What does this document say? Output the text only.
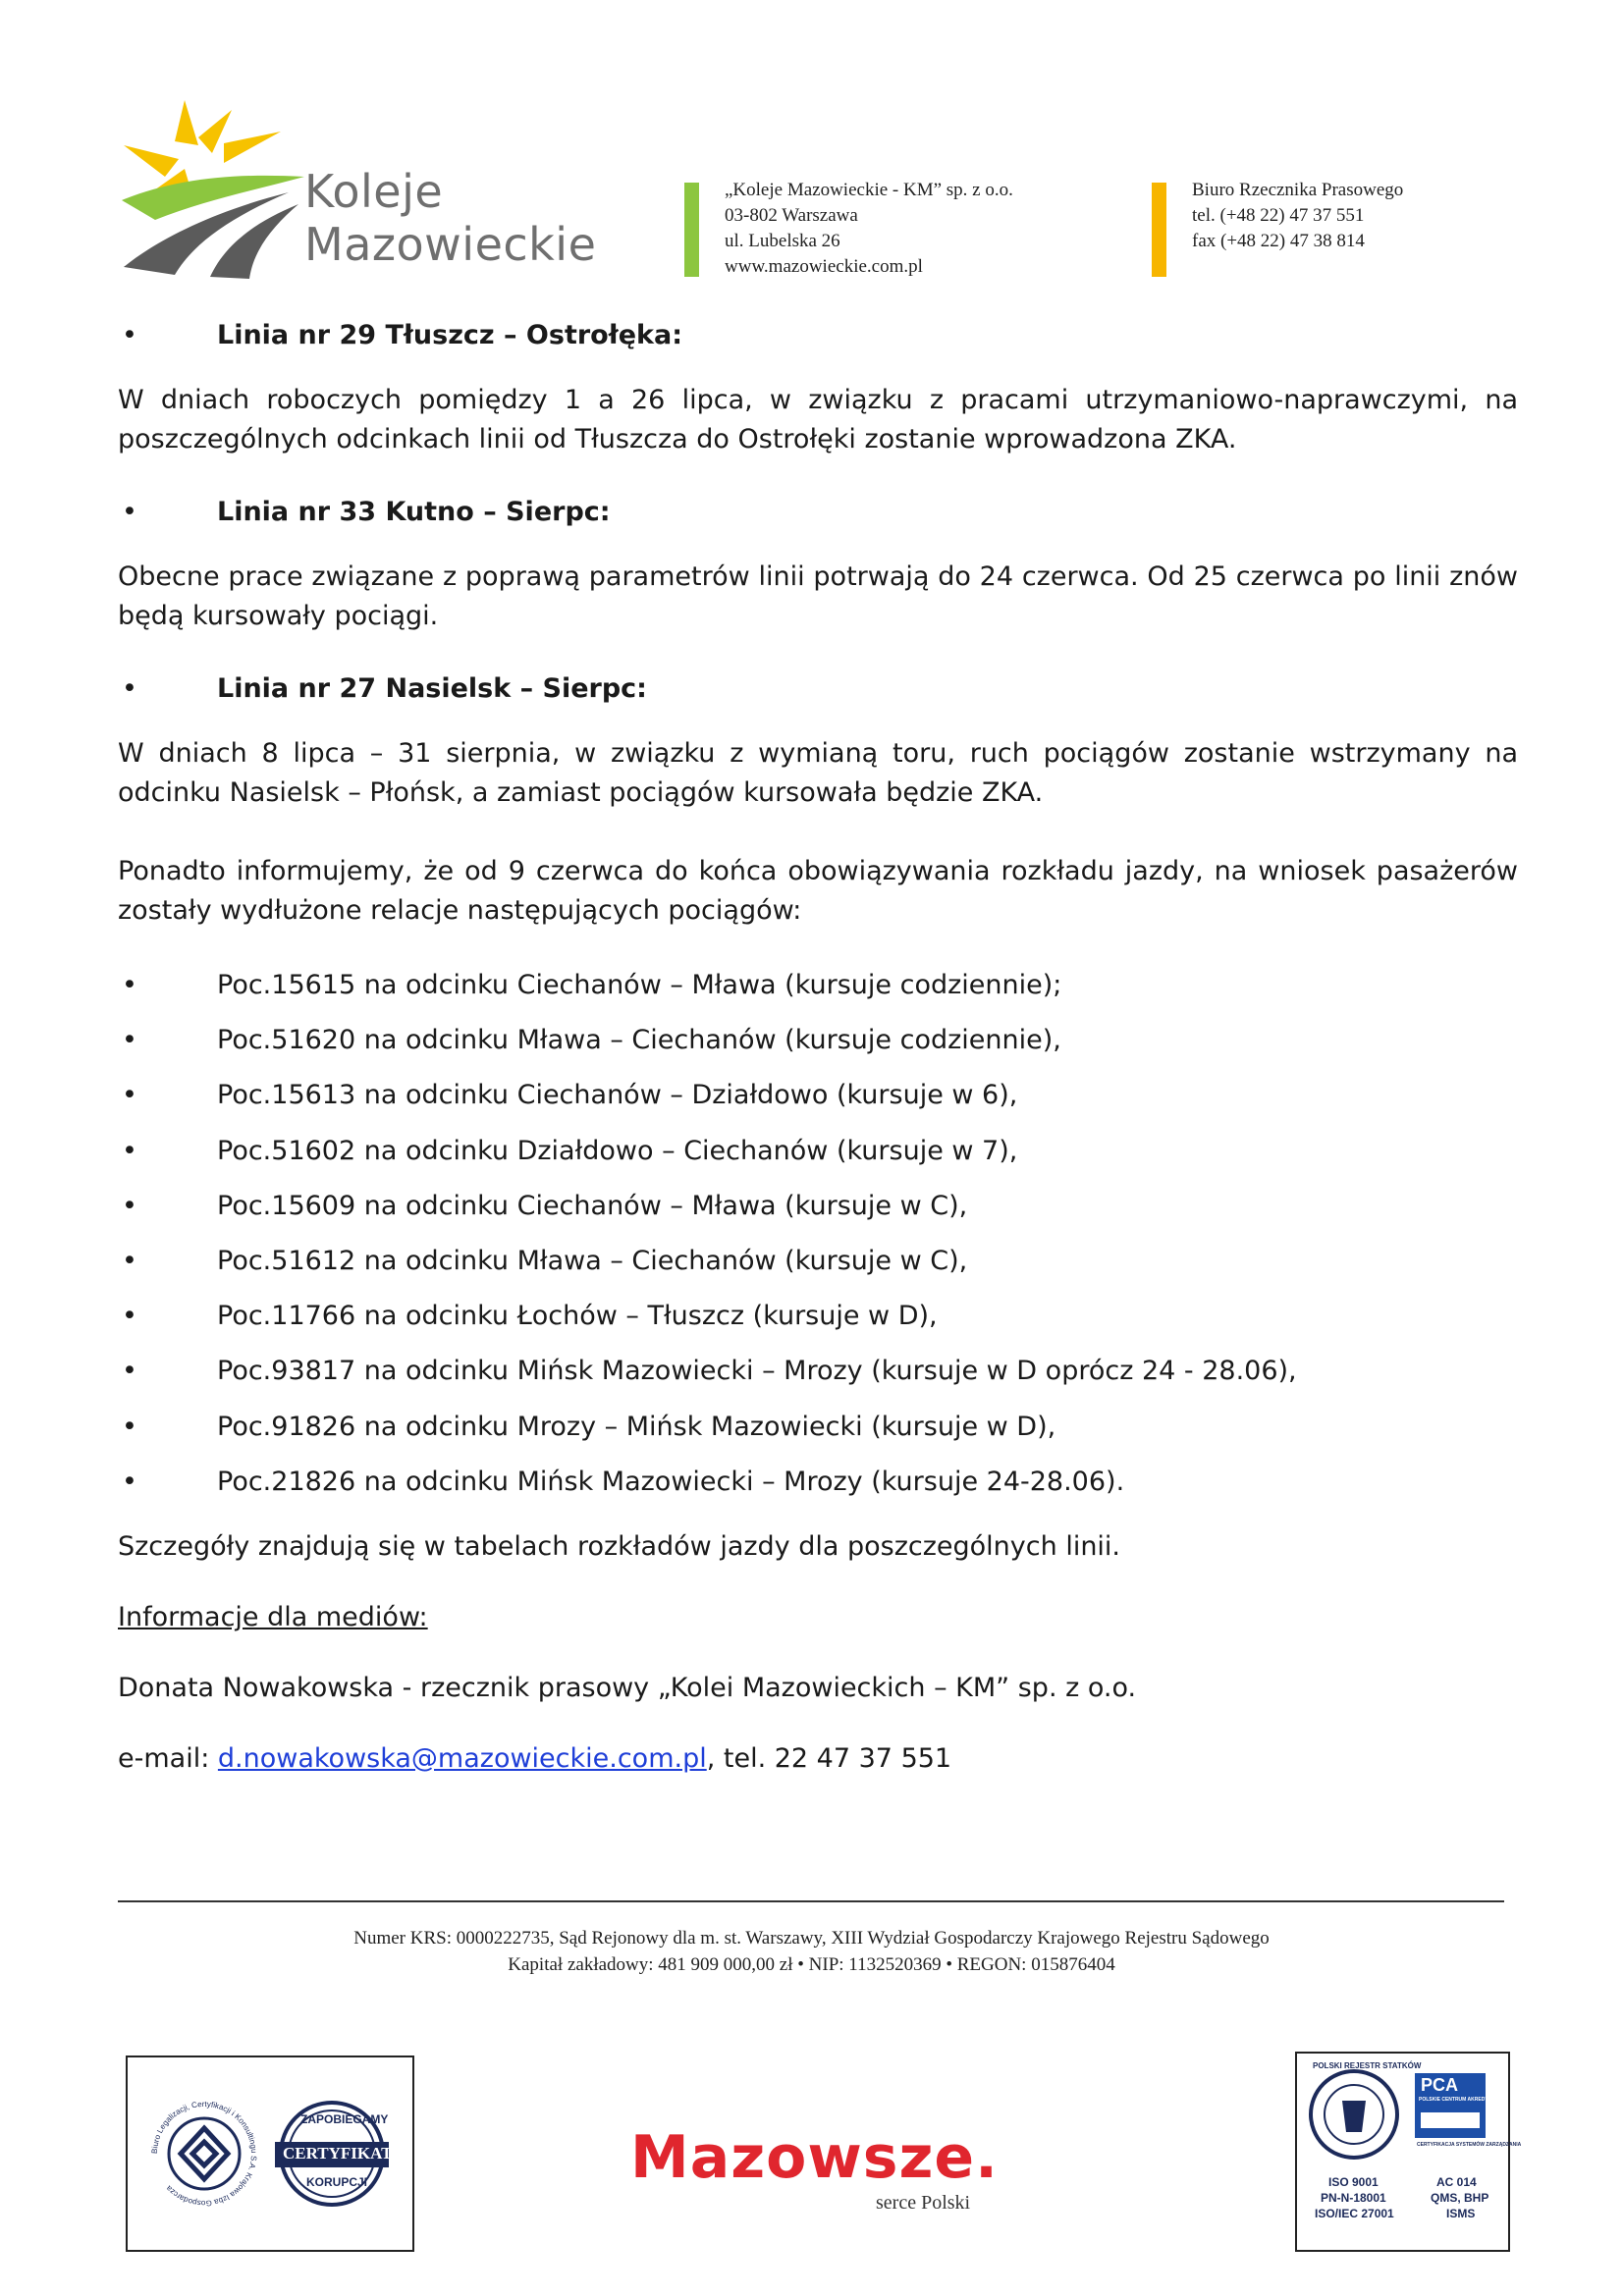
Koleje
Mazowieckie
„Koleje Mazowieckie - KM” sp. z o.o.
03-802 Warszawa
ul. Lubelska 26
www.mazowieckie.com.pl
Biuro Rzecznika Prasowego
tel. (+48 22) 47 37 551
fax (+48 22) 47 38 814
•	Linia nr 29 Tłuszcz – Ostrołęka:

W dniach roboczych pomiędzy 1 a 26 lipca, w związku z pracami utrzymaniowo-naprawczymi, na poszczególnych odcinkach linii od Tłuszcza do Ostrołęki zostanie wprowadzona ZKA.

•	Linia nr 33 Kutno – Sierpc:

Obecne prace związane z poprawą parametrów linii potrwają do 24 czerwca. Od 25 czerwca po linii znów będą kursowały pociągi.

•	Linia nr 27 Nasielsk – Sierpc:

W dniach 8 lipca – 31 sierpnia, w związku z wymianą toru, ruch pociągów zostanie wstrzymany na odcinku Nasielsk – Płońsk, a zamiast pociągów kursowała będzie ZKA.

Ponadto informujemy, że od 9 czerwca do końca obowiązywania rozkładu jazdy, na wniosek pasażerów zostały wydłużone relacje następujących pociągów:

•	Poc.15615 na odcinku Ciechanów – Mława (kursuje codziennie);
•	Poc.51620 na odcinku Mława – Ciechanów (kursuje codziennie),
•	Poc.15613 na odcinku Ciechanów – Działdowo (kursuje w 6),
•	Poc.51602 na odcinku Działdowo – Ciechanów (kursuje w 7),
•	Poc.15609 na odcinku Ciechanów – Mława (kursuje w C),
•	Poc.51612 na odcinku Mława – Ciechanów (kursuje w C),
•	Poc.11766 na odcinku Łochów – Tłuszcz (kursuje w D),
•	Poc.93817 na odcinku Mińsk Mazowiecki – Mrozy (kursuje w D oprócz 24 - 28.06),
•	Poc.91826 na odcinku Mrozy – Mińsk Mazowiecki (kursuje w D),
•	Poc.21826 na odcinku Mińsk Mazowiecki – Mrozy (kursuje 24-28.06).

Szczegóły znajdują się w tabelach rozkładów jazdy dla poszczególnych linii.

Informacje dla mediów:

Donata Nowakowska - rzecznik prasowy „Kolei Mazowieckich – KM” sp. z o.o.

e-mail: d.nowakowska@mazowieckie.com.pl, tel. 22 47 37 551

Numer KRS: 0000222735, Sąd Rejonowy dla m. st. Warszawy, XIII Wydział Gospodarczy Krajowego Rejestru Sądowego
Kapitał zakładowy: 481 909 000,00 zł • NIP: 1132520369 • REGON: 015876404
Biuro Legalizacji, Certyfikacji i Konsultingu S.A. Krajowa Izba Gospodarcza
ZAPOBIEGAMY
CERTYFIKAT
KORUPCJI	Mazowsze.
serce Polski
POLSKI REJESTR STATKÓW
PCA
POLSKIE CENTRUM AKREDYTACJI
CERTYFIKACJA SYSTEMÓW ZARZĄDZANIA
ISO 9001
PN-N-18001
ISO/IEC 27001
AC 014
QMS, BHP
ISMS
